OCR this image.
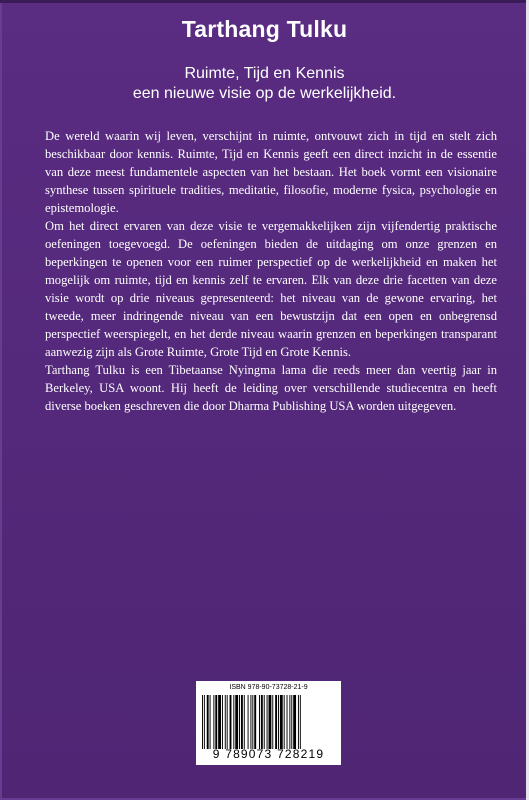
Tarthang Tulku
Ruimte, Tijd en Kennis
een nieuwe visie op de werkelijkheid.

De wereld waarin wij leven, verschijnt in ruimte, ontvouwt zich in tijd en stelt zich beschikbaar door kennis. Ruimte, Tijd en Kennis geeft een direct inzicht in de essentie van deze meest fundamentele aspecten van het bestaan. Het boek vormt een visionaire synthese tussen spirituele tradities, meditatie, filosofie, moderne fysica, psychologie en epistemologie.

Om het direct ervaren van deze visie te vergemakkelijken zijn vijfendertig praktische oefeningen toegevoegd. De oefeningen bieden de uitdaging om onze grenzen en beperkingen te openen voor een ruimer perspectief op de werkelijkheid en maken het mogelijk om ruimte, tijd en kennis zelf te ervaren. Elk van deze drie facetten van deze visie wordt op drie niveaus gepresenteerd: het niveau van de gewone ervaring, het tweede, meer indringende niveau van een bewustzijn dat een open en onbegrensd perspectief weerspiegelt, en het derde niveau waarin grenzen en beperkingen transparant aanwezig zijn als Grote Ruimte, Grote Tijd en Grote Kennis.

Tarthang Tulku is een Tibetaanse Nyingma lama die reeds meer dan veertig jaar in Berkeley, USA woont. Hij heeft de leiding over verschillende studiecentra en heeft diverse boeken geschreven die door Dharma Publishing USA worden uitgegeven.

ISBN 978-90-73728-21-9
9 789073 728219
